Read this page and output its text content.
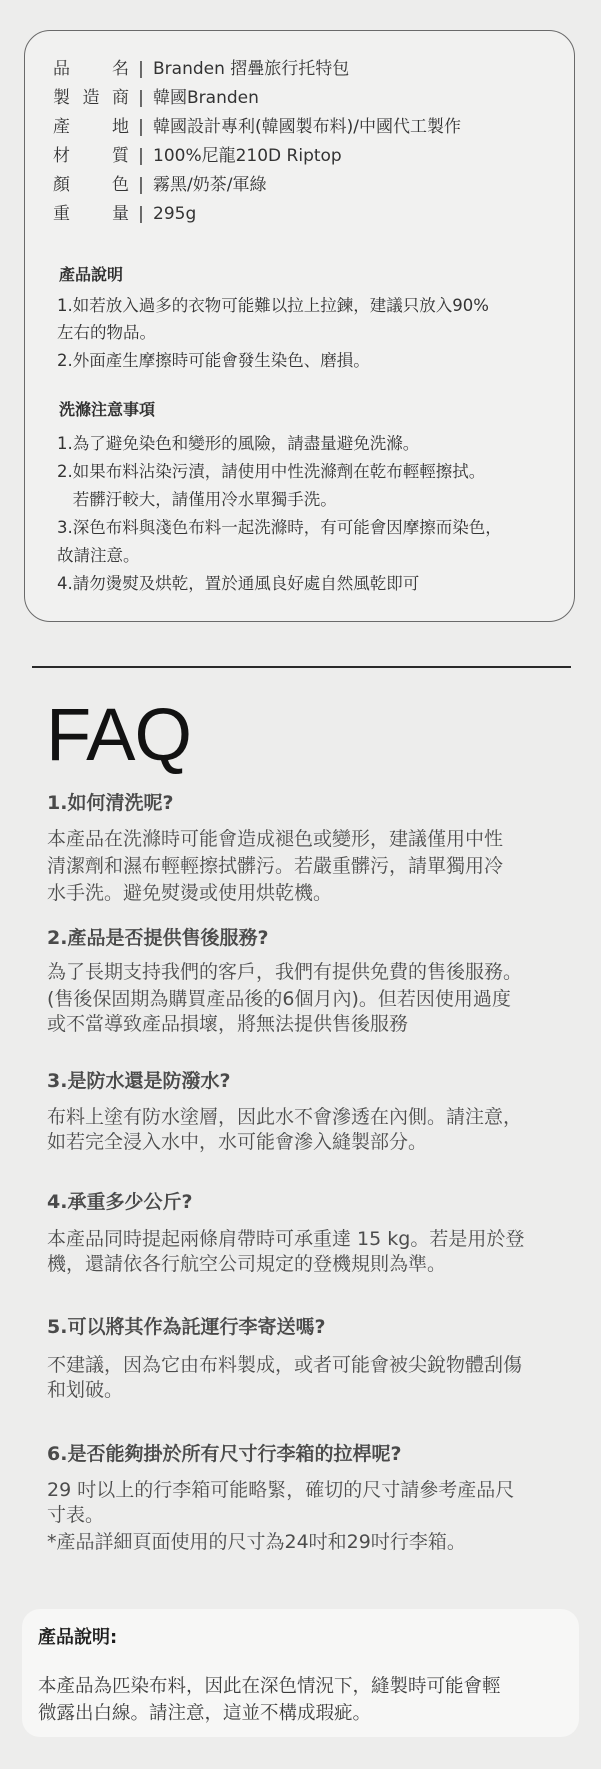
品名 | Branden 摺疊旅行托特包
製造商 | 韓國Branden
產地 | 韓國設計專利(韓國製布料)/中國代工製作
材質 | 100%尼龍210D Riptop
顏色 | 霧黑/奶茶/軍綠
重量 | 295g
產品說明
1.如若放入過多的衣物可能難以拉上拉鍊，建議只放入90%
左右的物品。
2.外面產生摩擦時可能會發生染色、磨損。
洗滌注意事項
1.為了避免染色和變形的風險，請盡量避免洗滌。
2.如果布料沾染污漬，請使用中性洗滌劑在乾布輕輕擦拭。
若髒汙較大，請僅用冷水單獨手洗。
3.深色布料與淺色布料一起洗滌時，有可能會因摩擦而染色，
故請注意。
4.請勿燙熨及烘乾，置於通風良好處自然風乾即可
FAQ
1.如何清洗呢?
本產品在洗滌時可能會造成褪色或變形，建議僅用中性
清潔劑和濕布輕輕擦拭髒污。若嚴重髒污，請單獨用冷
水手洗。避免熨燙或使用烘乾機。
2.產品是否提供售後服務?
為了長期支持我們的客戶，我們有提供免費的售後服務。
(售後保固期為購買產品後的6個月內)。但若因使用過度
或不當導致產品損壞，將無法提供售後服務
3.是防水還是防潑水?
布料上塗有防水塗層，因此水不會滲透在內側。請注意，
如若完全浸入水中，水可能會滲入縫製部分。
4.承重多少公斤?
本產品同時提起兩條肩帶時可承重達 15 kg。若是用於登
機，還請依各行航空公司規定的登機規則為準。
5.可以將其作為託運行李寄送嗎?
不建議，因為它由布料製成，或者可能會被尖銳物體刮傷
和划破。
6.是否能夠掛於所有尺寸行李箱的拉桿呢?
29 吋以上的行李箱可能略緊，確切的尺寸請參考產品尺
寸表。
*產品詳細頁面使用的尺寸為24吋和29吋行李箱。
產品說明:
本產品為匹染布料，因此在深色情況下，縫製時可能會輕
微露出白線。請注意，這並不構成瑕疵。
